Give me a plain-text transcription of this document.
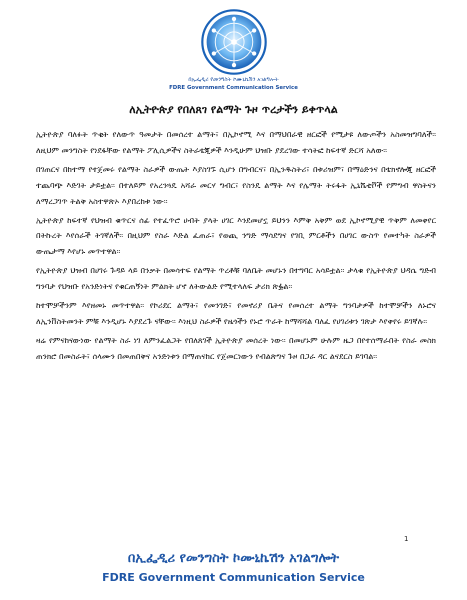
በኢፌዲሪ የመንግስት ኮሙኒኬሽን አገልግሎት
FDRE Government Communication Service
ለኢትዮጵያ የበለጸገ የልማት ጉዞ ጥረታችን ይቀጥላል

ኢትዮጵያ ባለፉት ጥቂት የለውጥ ዓመታት በመሰረተ ልማት፣ በኢኮኖሚ እና በማህበራዊ ዘርፎች የሚታዩ ለውጦችን አስመዝግባለች፡፡ ለዚህም መንግስት የነደፋቸው የልማት ፖሊሲዎችና ስትራቴጂዎች እንዲሁም ህዝቡ ያደረገው ተሳትፎ ከፍተኛ ድርሻ አለው፡፡

በገጠርና በከተማ የተጀመሩ የልማት ስራዎች ውጤት እያስገኙ ሲሆን በግብርና፣ በኢንዱስትሪ፣ በቱሪዝም፣ በማዕድንና በቴክኖሎጂ ዘርፎች ተጨባጭ እድገት ታይቷል፡፡ በተለይም የአረንጓዴ አሻራ መርሃ ግብር፣ የስንዴ ልማት እና የሌማት ትሩፋት ኢኒሼቲቮች የምግብ ዋስትናን ለማረጋገጥ ትልቅ አስተዋጽኦ እያበረከቱ ነው፡፡

ኢትዮጵያ ከፍተኛ የህዝብ ቁጥርና ሰፊ የተፈጥሮ ሀብት ያላት ሀገር እንደመሆኗ ይህንን እምቅ አቅም ወደ ኢኮኖሚያዊ ጥቅም ለመቀየር በትኩረት እየሰራች ትገኛለች፡፡ በዚህም የስራ እድል ፈጠራ፣ የወጪ ንግድ ማሳደግና የገቢ ምርቶችን በሀገር ውስጥ የመተካት ስራዎች ውጤታማ እየሆኑ መጥተዋል፡፡

የኢትዮጵያ ህዝብ በሀገሩ ጉዳይ ላይ በንቃት በመሳተፍ የልማት ጥረቶቹ ባለቤት መሆኑን በተግባር አሳይቷል፡፡ ታላቁ የኢትዮጵያ ህዳሴ ግድብ ግንባታ የህዝቡ የአንድነትና የቁርጠኝነት ምልክት ሆኖ ለትውልድ የሚተላለፍ ታሪክ ጽፏል፡፡

ከተሞቻችንም እየዘመኑ መጥተዋል፡፡ የኮሪደር ልማት፣ የመንገድ፣ የመኖሪያ ቤትና የመሰረተ ልማት ግንባታዎች ከተሞቻችን ለኑሮና ለኢንቨስትመንት ምቹ እንዲሆኑ እያደረጉ ናቸው፡፡ እነዚህ ስራዎች የዜጎችን የኑሮ ጥራት ከማሻሻል ባለፈ የሀገሪቱን ገጽታ እየቀየሩ ይገኛሉ፡፡

ዛሬ የምናከናውነው የልማት ስራ ነገ ለምንፈልጋት የበለጸገች ኢትዮጵያ መሰረት ነው፡፡ በመሆኑም ሁሉም ዜጋ በየተሰማራበት የስራ መስክ ጠንክሮ በመስራት፣ ሰላሙን በመጠበቅና አንድነቱን በማጠናከር የጀመርነውን የብልጽግና ጉዞ በጋራ ዳር ልናደርስ ይገባል፡፡

1
በኢፌዲሪ የመንግስት ኮሙኒኬሽን አገልግሎት
FDRE Government Communication Service
